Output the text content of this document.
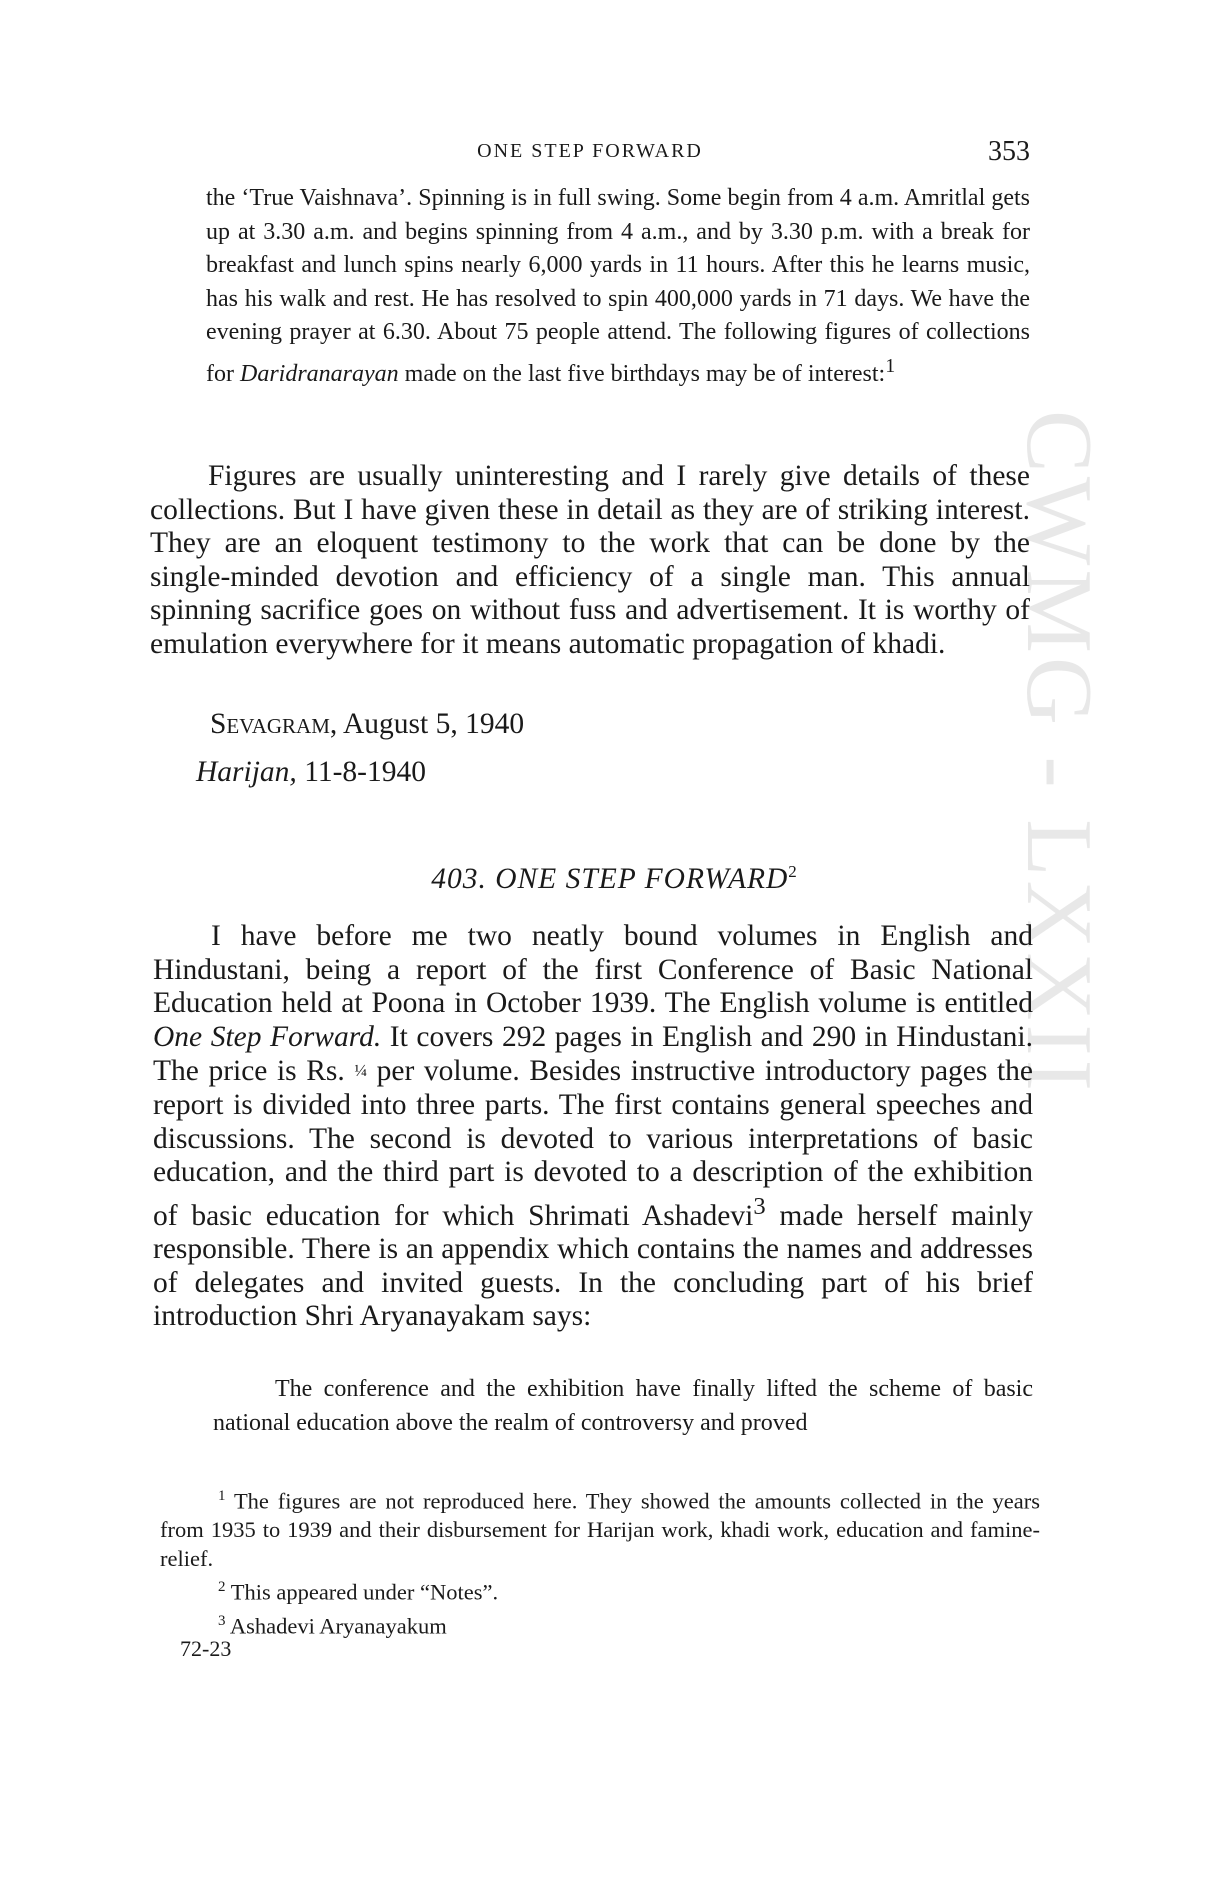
CWMG - LXXII
ONE STEP FORWARD	353
the ‘True Vaishnava’. Spinning is in full swing. Some begin from 4 a.m. Amritlal gets up at 3.30 a.m. and begins spinning from 4 a.m., and by 3.30 p.m. with a break for breakfast and lunch spins nearly 6,000 yards in 11 hours. After this he learns music, has his walk and rest. He has resolved to spin 400,000 yards in 71 days. We have the evening prayer at 6.30. About 75 people attend. The following figures of collections for Daridranarayan made on the last five birthdays may be of interest:$^1$
Figures are usually uninteresting and I rarely give details of these collections. But I have given these in detail as they are of striking interest. They are an eloquent testimony to the work that can be done by the single-minded devotion and efficiency of a single man. This annual spinning sacrifice goes on without fuss and advertisement. It is worthy of emulation everywhere for it means automatic propagation of khadi.
Sevagram, August 5, 1940
Harijan, 11-8-1940
403. ONE STEP FORWARD$^2$
I have before me two neatly bound volumes in English and Hindustani, being a report of the first Conference of Basic National Education held at Poona in October 1939. The English volume is entitled One Step Forward. It covers 292 pages in English and 290 in Hindustani. The price is Rs. ¼ per volume. Besides instructive introductory pages the report is divided into three parts. The first contains general speeches and discussions. The second is devoted to various interpretations of basic education, and the third part is devoted to a description of the exhibition of basic education for which Shrimati Ashadevi$^3$ made herself mainly responsible. There is an appendix which contains the names and addresses of delegates and invited guests. In the concluding part of his brief introduction Shri Aryanayakam says:
The conference and the exhibition have finally lifted the scheme of basic national education above the realm of controversy and proved
$^1$ The figures are not reproduced here. They showed the amounts collected in the years from 1935 to 1939 and their disbursement for Harijan work, khadi work, education and famine-relief.
$^2$ This appeared under “Notes”.
$^3$ Ashadevi Aryanayakum
72-23
